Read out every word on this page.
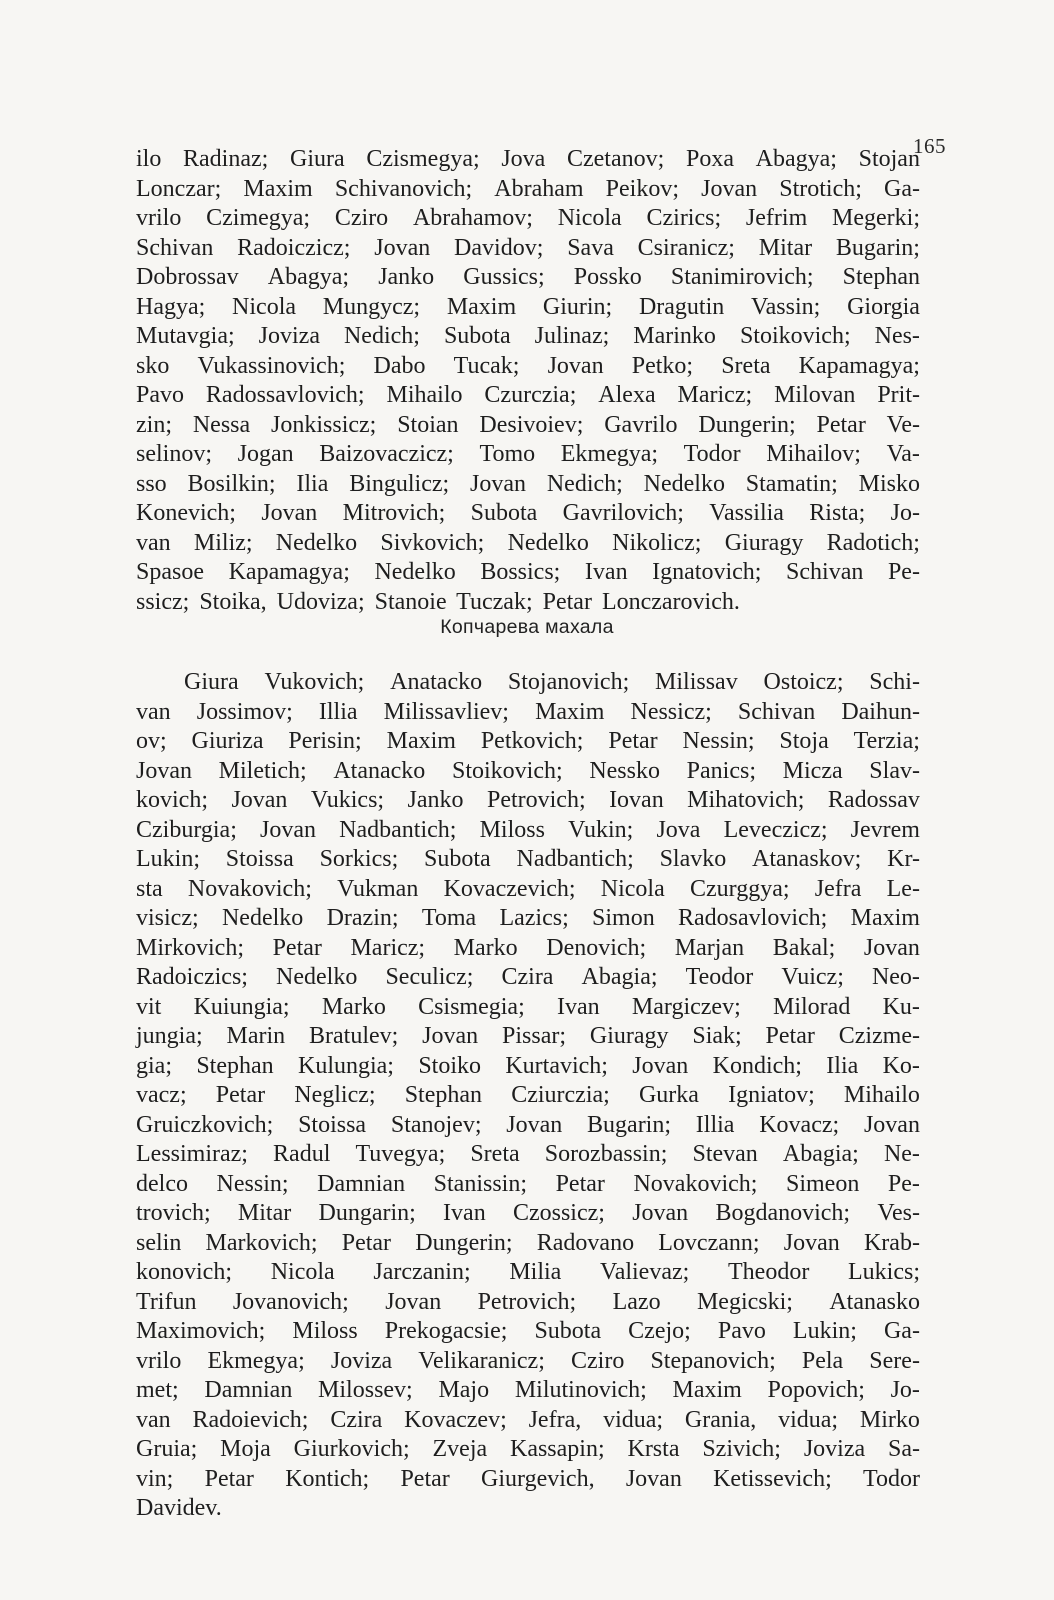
165
ilo Radinaz; Giura Czismegya; Jova Czetanov; Poxa Abagya; Stojan
Lonczar; Maxim Schivanovich; Abraham Peikov; Jovan Strotich; Ga-
vrilo Czimegya; Cziro Abrahamov; Nicola Czirics; Jefrim Megerki;
Schivan Radoiczicz; Jovan Davidov; Sava Csiranicz; Mitar Bugarin;
Dobrossav Abagya; Janko Gussics; Possko Stanimirovich; Stephan
Hagya; Nicola Mungycz; Maxim Giurin; Dragutin Vassin; Giorgia
Mutavgia; Joviza Nedich; Subota Julinaz; Marinko Stoikovich; Nes-
sko Vukassinovich; Dabo Tucak; Jovan Petko; Sreta Kapamagya;
Pavo Radossavlovich; Mihailo Czurczia; Alexa Maricz; Milovan Prit-
zin; Nessa Jonkissicz; Stoian Desivoiev; Gavrilo Dungerin; Petar Ve-
selinov; Jogan Baizovaczicz; Tomo Ekmegya; Todor Mihailov; Va-
sso Bosilkin; Ilia Bingulicz; Jovan Nedich; Nedelko Stamatin; Misko
Konevich; Jovan Mitrovich; Subota Gavrilovich; Vassilia Rista; Jo-
van Miliz; Nedelko Sivkovich; Nedelko Nikolicz; Giuragy Radotich;
Spasoe Kapamagya; Nedelko Bossics; Ivan Ignatovich; Schivan Pe-
ssicz; Stoika, Udoviza; Stanoie Tuczak; Petar Lonczarovich.
Копчарева махала
Giura Vukovich; Anatacko Stojanovich; Milissav Ostoicz; Schi-
van Jossimov; Illia Milissavliev; Maxim Nessicz; Schivan Daihun-
ov; Giuriza Perisin; Maxim Petkovich; Petar Nessin; Stoja Terzia;
Jovan Miletich; Atanacko Stoikovich; Nessko Panics; Micza Slav-
kovich; Jovan Vukics; Janko Petrovich; Iovan Mihatovich; Radossav
Cziburgia; Jovan Nadbantich; Miloss Vukin; Jova Leveczicz; Jevrem
Lukin; Stoissa Sorkics; Subota Nadbantich; Slavko Atanaskov; Kr-
sta Novakovich; Vukman Kovaczevich; Nicola Czurggya; Jefra Le-
visicz; Nedelko Drazin; Toma Lazics; Simon Radosavlovich; Maxim
Mirkovich; Petar Maricz; Marko Denovich; Marjan Bakal; Jovan
Radoiczics; Nedelko Seculicz; Czira Abagia; Teodor Vuicz; Neo-
vit Kuiungia; Marko Csismegia; Ivan Margiczev; Milorad Ku-
jungia; Marin Bratulev; Jovan Pissar; Giuragy Siak; Petar Czizme-
gia; Stephan Kulungia; Stoiko Kurtavich; Jovan Kondich; Ilia Ko-
vacz; Petar Neglicz; Stephan Cziurczia; Gurka Igniatov; Mihailo
Gruiczkovich; Stoissa Stanojev; Jovan Bugarin; Illia Kovacz; Jovan
Lessimiraz; Radul Tuvegya; Sreta Sorozbassin; Stevan Abagia; Ne-
delco Nessin; Damnian Stanissin; Petar Novakovich; Simeon Pe-
trovich; Mitar Dungarin; Ivan Czossicz; Jovan Bogdanovich; Ves-
selin Markovich; Petar Dungerin; Radovano Lovczann; Jovan Krab-
konovich; Nicola Jarczanin; Milia Valievaz; Theodor Lukics;
Trifun Jovanovich; Jovan Petrovich; Lazo Megicski; Atanasko
Maximovich; Miloss Prekogacsie; Subota Czejo; Pavo Lukin; Ga-
vrilo Ekmegya; Joviza Velikaranicz; Cziro Stepanovich; Pela Sere-
met; Damnian Milossev; Majo Milutinovich; Maxim Popovich; Jo-
van Radoievich; Czira Kovaczev; Jefra, vidua; Grania, vidua; Mirko
Gruia; Moja Giurkovich; Zveja Kassapin; Krsta Szivich; Joviza Sa-
vin; Petar Kontich; Petar Giurgevich, Jovan Ketissevich; Todor
Davidev.
